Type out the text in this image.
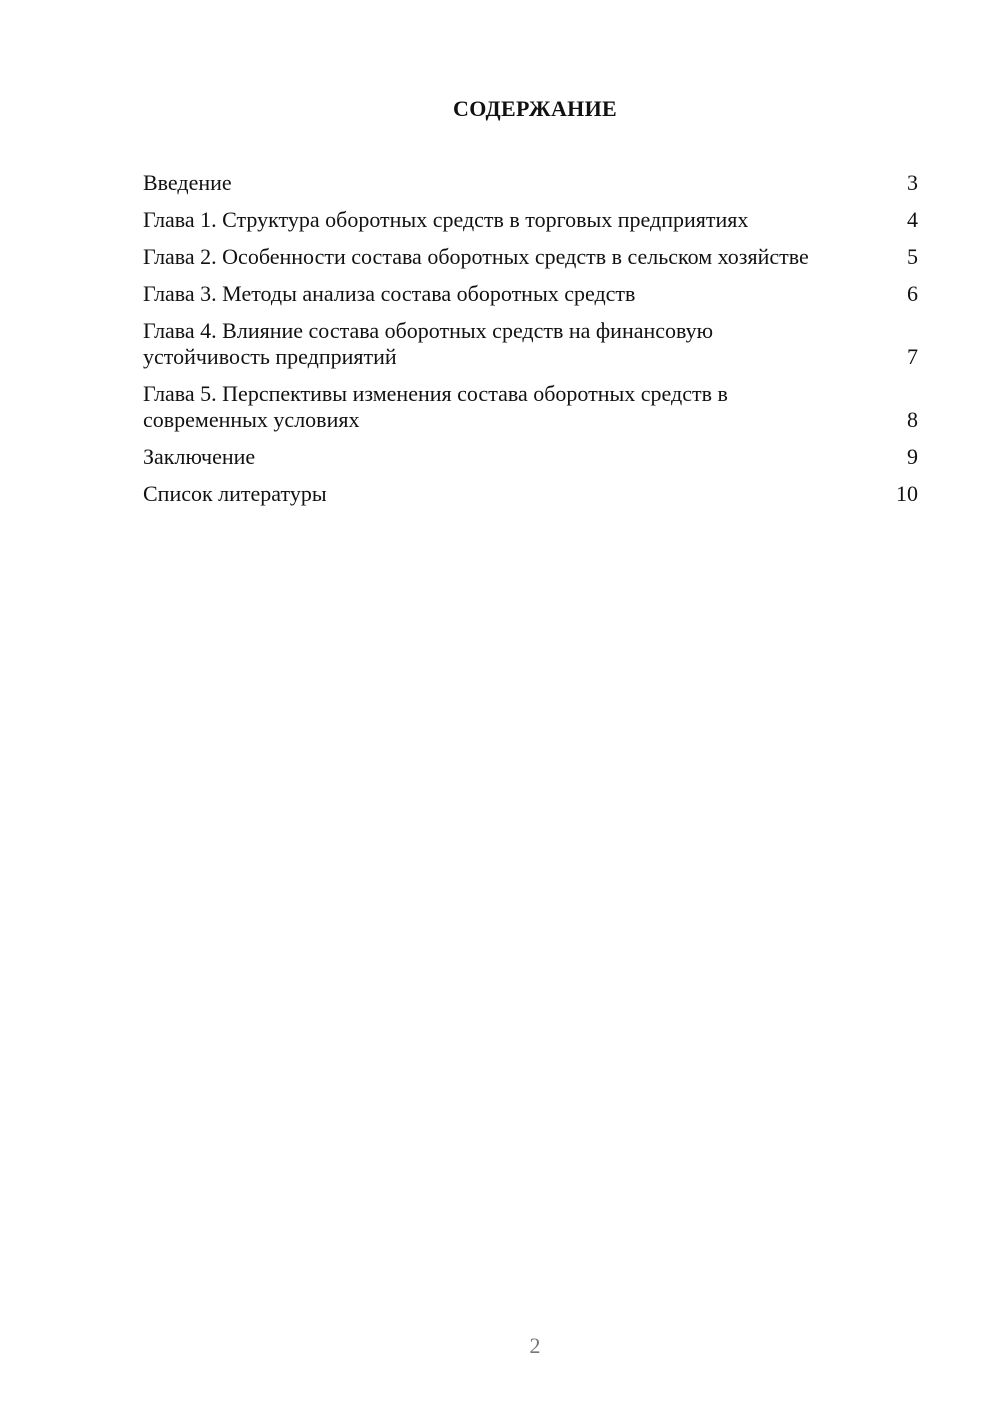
СОДЕРЖАНИЕ
Введение	3
Глава 1. Структура оборотных средств в торговых предприятиях	4
Глава 2. Особенности состава оборотных средств в сельском хозяйстве	5
Глава 3. Методы анализа состава оборотных средств	6
Глава 4. Влияние состава оборотных средств на финансовую устойчивость предприятий	7
Глава 5. Перспективы изменения состава оборотных средств в современных условиях	8
Заключение	9
Список литературы	10
2
